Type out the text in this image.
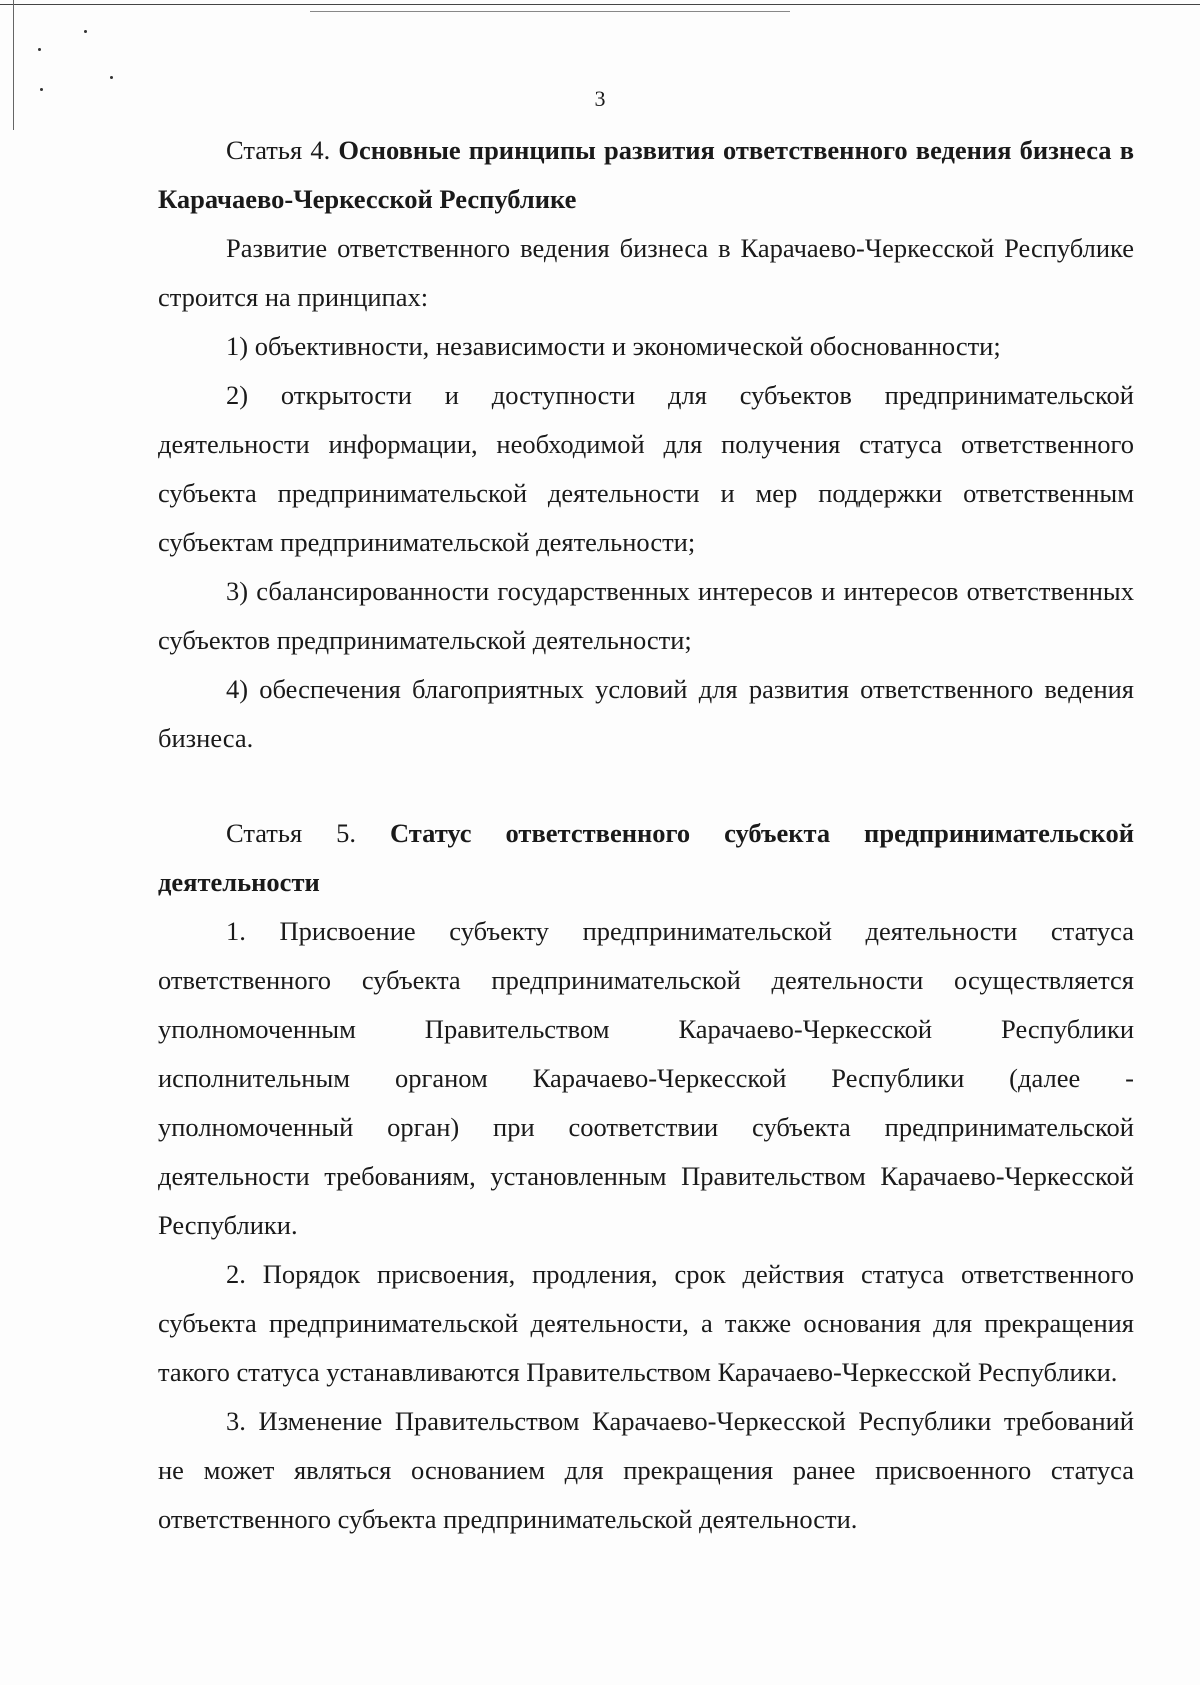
3

Статья 4. Основные принципы развития ответственного ведения бизнеса в Карачаево-Черкесской Республике

Развитие ответственного ведения бизнеса в Карачаево-Черкесской Республике строится на принципах:

1) объективности, независимости и экономической обоснованности;

2) открытости и доступности для субъектов предпринимательской деятельности информации, необходимой для получения статуса ответственного субъекта предпринимательской деятельности и мер поддержки ответственным субъектам предпринимательской деятельности;

3) сбалансированности государственных интересов и интересов ответственных субъектов предпринимательской деятельности;

4) обеспечения благоприятных условий для развития ответственного ведения бизнеса.

Статья 5. Статус ответственного субъекта предпринимательской деятельности

1. Присвоение субъекту предпринимательской деятельности статуса ответственного субъекта предпринимательской деятельности осуществляется уполномоченным Правительством Карачаево-Черкесской Республики исполнительным органом Карачаево-Черкесской Республики (далее - уполномоченный орган) при соответствии субъекта предпринимательской деятельности требованиям, установленным Правительством Карачаево-Черкесской Республики.

2. Порядок присвоения, продления, срок действия статуса ответственного субъекта предпринимательской деятельности, а также основания для прекращения такого статуса устанавливаются Правительством Карачаево-Черкесской Республики.

3. Изменение Правительством Карачаево-Черкесской Республики требований не может являться основанием для прекращения ранее присвоенного статуса ответственного субъекта предпринимательской деятельности.
